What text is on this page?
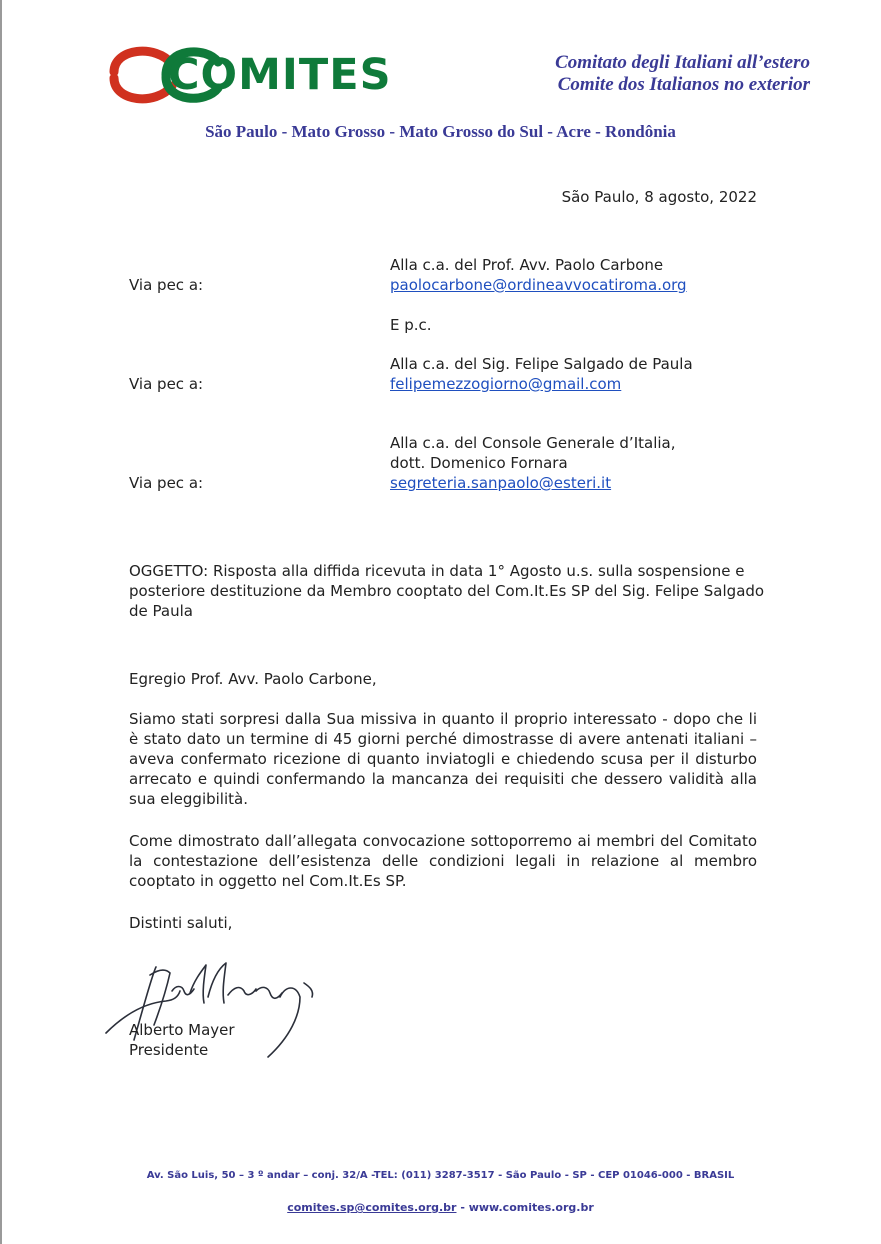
COMITES	Comitato degli Italiani all’estero
Comite dos Italianos no exterior
São Paulo - Mato Grosso - Mato Grosso do Sul - Acre - Rondônia
São Paulo, 8 agosto, 2022
Alla c.a. del Prof. Avv. Paolo Carbone
Via pec a:	paolocarbone@ordineavvocatiroma.org
E p.c.
Alla c.a. del Sig. Felipe Salgado de Paula
Via pec a:	felipemezzogiorno@gmail.com
Alla c.a. del Console Generale d’Italia,
dott. Domenico Fornara
Via pec a:	segreteria.sanpaolo@esteri.it
OGGETTO: Risposta alla diffida ricevuta in data 1° Agosto u.s. sulla sospensione e posteriore destituzione da Membro cooptato del Com.It.Es SP del Sig. Felipe Salgado de Paula
Egregio Prof. Avv. Paolo Carbone,
Siamo stati sorpresi dalla Sua missiva in quanto il proprio interessato - dopo che li è stato dato un termine di 45 giorni perché dimostrasse di avere antenati italiani – aveva confermato ricezione di quanto inviatogli e chiedendo scusa per il disturbo arrecato e quindi confermando la mancanza dei requisiti che dessero validità alla sua eleggibilità.
Come dimostrato dall’allegata convocazione sottoporremo ai membri del Comitato la contestazione dell’esistenza delle condizioni legali in relazione al membro cooptato in oggetto nel Com.It.Es SP.
Distinti saluti,
Alberto Mayer
Presidente
Av. São Luis, 50 – 3 º andar – conj. 32/A -TEL: (011) 3287-3517 - São Paulo - SP - CEP 01046-000 - BRASIL
comites.sp@comites.org.br - www.comites.org.br
